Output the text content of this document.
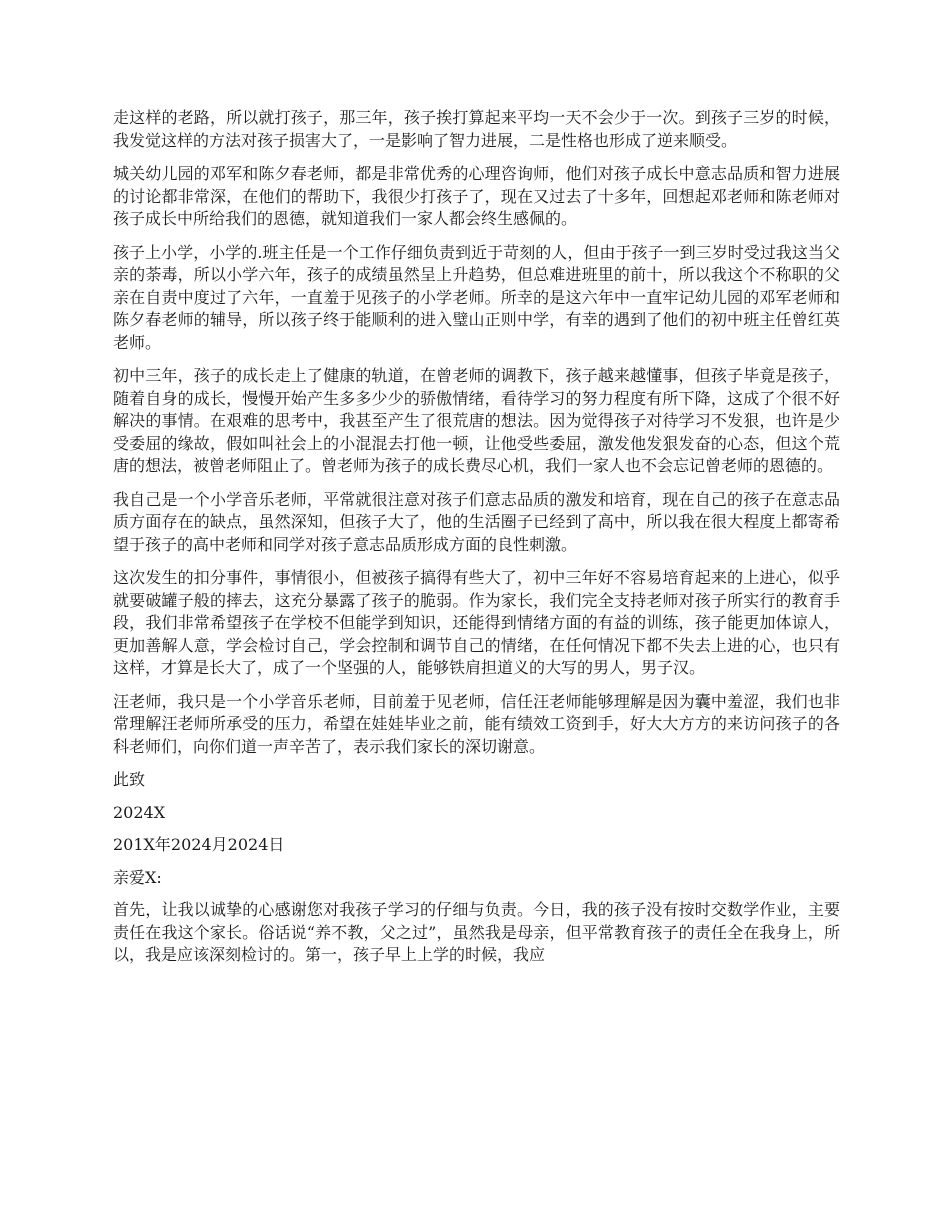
走这样的老路，所以就打孩子，那三年，孩子挨打算起来平均一天不会少于一次。到孩子三岁的时候，我发觉这样的方法对孩子损害大了，一是影响了智力进展，二是性格也形成了逆来顺受。

城关幼儿园的邓军和陈夕春老师，都是非常优秀的心理咨询师，他们对孩子成长中意志品质和智力进展的讨论都非常深，在他们的帮助下，我很少打孩子了，现在又过去了十多年，回想起邓老师和陈老师对孩子成长中所给我们的恩德，就知道我们一家人都会终生感佩的。

孩子上小学，小学的.班主任是一个工作仔细负责到近于苛刻的人，但由于孩子一到三岁时受过我这当父亲的荼毒，所以小学六年，孩子的成绩虽然呈上升趋势，但总难进班里的前十，所以我这个不称职的父亲在自责中度过了六年，一直羞于见孩子的小学老师。所幸的是这六年中一直牢记幼儿园的邓军老师和陈夕春老师的辅导，所以孩子终于能顺利的进入璧山正则中学，有幸的遇到了他们的初中班主任曾红英老师。

初中三年，孩子的成长走上了健康的轨道，在曾老师的调教下，孩子越来越懂事，但孩子毕竟是孩子，随着自身的成长，慢慢开始产生多多少少的骄傲情绪，看待学习的努力程度有所下降，这成了个很不好解决的事情。在艰难的思考中，我甚至产生了很荒唐的想法。因为觉得孩子对待学习不发狠，也许是少受委屈的缘故，假如叫社会上的小混混去打他一顿，让他受些委屈，激发他发狠发奋的心态，但这个荒唐的想法，被曾老师阻止了。曾老师为孩子的成长费尽心机，我们一家人也不会忘记曾老师的恩德的。

我自己是一个小学音乐老师，平常就很注意对孩子们意志品质的激发和培育，现在自己的孩子在意志品质方面存在的缺点，虽然深知，但孩子大了，他的生活圈子已经到了高中，所以我在很大程度上都寄希望于孩子的高中老师和同学对孩子意志品质形成方面的良性刺激。

这次发生的扣分事件，事情很小，但被孩子搞得有些大了，初中三年好不容易培育起来的上进心，似乎就要破罐子般的摔去，这充分暴露了孩子的脆弱。作为家长，我们完全支持老师对孩子所实行的教育手段，我们非常希望孩子在学校不但能学到知识，还能得到情绪方面的有益的训练，孩子能更加体谅人，更加善解人意，学会检讨自己，学会控制和调节自己的情绪，在任何情况下都不失去上进的心，也只有这样，才算是长大了，成了一个坚强的人，能够铁肩担道义的大写的男人，男子汉。

汪老师，我只是一个小学音乐老师，目前羞于见老师，信任汪老师能够理解是因为囊中羞涩，我们也非常理解汪老师所承受的压力，希望在娃娃毕业之前，能有绩效工资到手，好大大方方的来访问孩子的各科老师们，向你们道一声辛苦了，表示我们家长的深切谢意。

此致

2024X

201X年2024月2024日

亲爱X:

首先，让我以诚挚的心感谢您对我孩子学习的仔细与负责。今日，我的孩子没有按时交数学作业，主要责任在我这个家长。俗话说“养不教，父之过”，虽然我是母亲，但平常教育孩子的责任全在我身上，所以，我是应该深刻检讨的。第一，孩子早上上学的时候，我应
